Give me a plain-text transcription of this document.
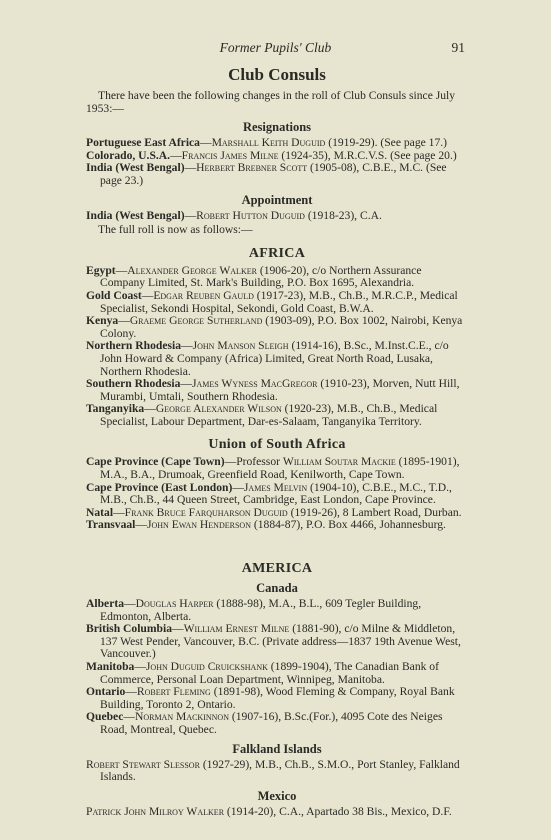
Former Pupils' Club	91
Club Consuls

There have been the following changes in the roll of Club Consuls since July 1953:—

Resignations

Portuguese East Africa—Marshall Keith Duguid (1919-29). (See page 17.)

Colorado, U.S.A.—Francis James Milne (1924-35), M.R.C.V.S. (See page 20.)

India (West Bengal)—Herbert Brebner Scott (1905-08), C.B.E., M.C. (See page 23.)

Appointment

India (West Bengal)—Robert Hutton Duguid (1918-23), C.A.

The full roll is now as follows:—

AFRICA

Egypt—Alexander George Walker (1906-20), c/o Northern Assurance Company Limited, St. Mark's Building, P.O. Box 1695, Alexandria.

Gold Coast—Edgar Reuben Gauld (1917-23), M.B., Ch.B., M.R.C.P., Medical Specialist, Sekondi Hospital, Sekondi, Gold Coast, B.W.A.

Kenya—Graeme George Sutherland (1903-09), P.O. Box 1002, Nairobi, Kenya Colony.

Northern Rhodesia—John Manson Sleigh (1914-16), B.Sc., M.Inst.C.E., c/o John Howard & Company (Africa) Limited, Great North Road, Lusaka, Northern Rhodesia.

Southern Rhodesia—James Wyness MacGregor (1910-23), Morven, Nutt Hill, Murambi, Umtali, Southern Rhodesia.

Tanganyika—George Alexander Wilson (1920-23), M.B., Ch.B., Medical Specialist, Labour Department, Dar-es-Salaam, Tanganyika Territory.

Union of South Africa

Cape Province (Cape Town)—Professor William Soutar Mackie (1895-1901), M.A., B.A., Drumoak, Greenfield Road, Kenilworth, Cape Town.

Cape Province (East London)—James Melvin (1904-10), C.B.E., M.C., T.D., M.B., Ch.B., 44 Queen Street, Cambridge, East London, Cape Province.

Natal—Frank Bruce Farquharson Duguid (1919-26), 8 Lambert Road, Durban.

Transvaal—John Ewan Henderson (1884-87), P.O. Box 4466, Johannesburg.

AMERICA
Canada

Alberta—Douglas Harper (1888-98), M.A., B.L., 609 Tegler Building, Edmonton, Alberta.

British Columbia—William Ernest Milne (1881-90), c/o Milne & Middleton, 137 West Pender, Vancouver, B.C. (Private address—1837 19th Avenue West, Vancouver.)

Manitoba—John Duguid Cruickshank (1899-1904), The Canadian Bank of Commerce, Personal Loan Department, Winnipeg, Manitoba.

Ontario—Robert Fleming (1891-98), Wood Fleming & Company, Royal Bank Building, Toronto 2, Ontario.

Quebec—Norman Mackinnon (1907-16), B.Sc.(For.), 4095 Cote des Neiges Road, Montreal, Quebec.

Falkland Islands

Robert Stewart Slessor (1927-29), M.B., Ch.B., S.M.O., Port Stanley, Falkland Islands.

Mexico

Patrick John Milroy Walker (1914-20), C.A., Apartado 38 Bis., Mexico, D.F.
